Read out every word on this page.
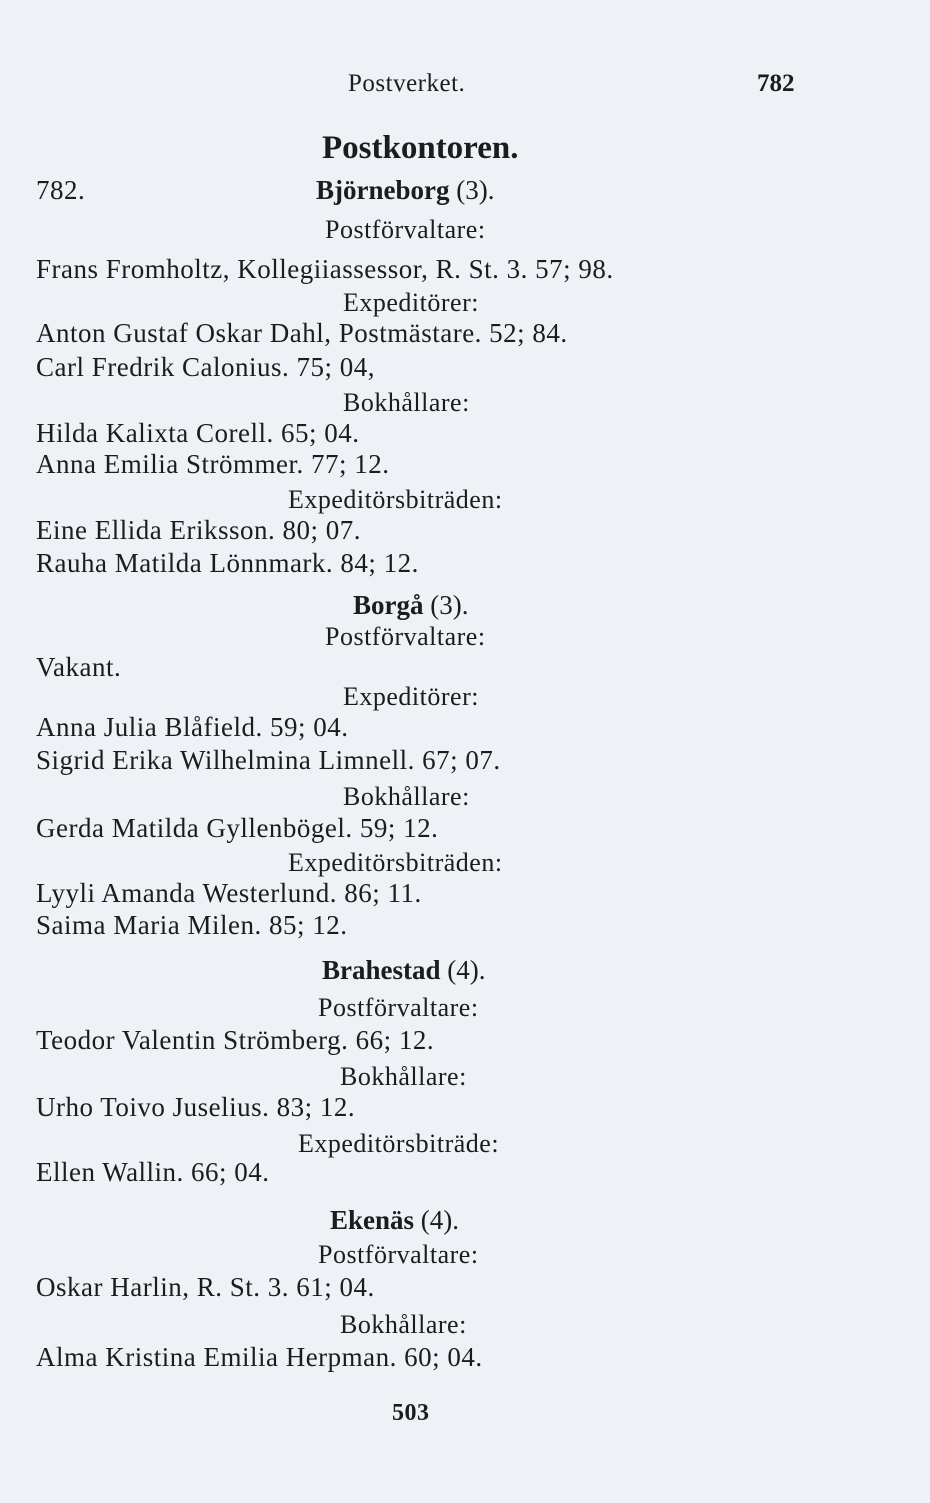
Postverket.	782
Postkontoren.
782.	Björneborg (3).
Postförvaltare:
Frans Fromholtz, Kollegiiassessor, R. St. 3. 57; 98.
Expeditörer:
Anton Gustaf Oskar Dahl, Postmästare. 52; 84.
Carl Fredrik Calonius. 75; 04,
Bokhållare:
Hilda Kalixta Corell. 65; 04.
Anna Emilia Strömmer. 77; 12.
Expeditörsbiträden:
Eine Ellida Eriksson. 80; 07.
Rauha Matilda Lönnmark. 84; 12.
Borgå (3).
Postförvaltare:
Vakant.
Expeditörer:
Anna Julia Blåfield. 59; 04.
Sigrid Erika Wilhelmina Limnell. 67; 07.
Bokhållare:
Gerda Matilda Gyllenbögel. 59; 12.
Expeditörsbiträden:
Lyyli Amanda Westerlund. 86; 11.
Saima Maria Milen. 85; 12.
Brahestad (4).
Postförvaltare:
Teodor Valentin Strömberg. 66; 12.
Bokhållare:
Urho Toivo Juselius. 83; 12.
Expeditörsbiträde:
Ellen Wallin. 66; 04.
Ekenäs (4).
Postförvaltare:
Oskar Harlin, R. St. 3. 61; 04.
Bokhållare:
Alma Kristina Emilia Herpman. 60; 04.
503
